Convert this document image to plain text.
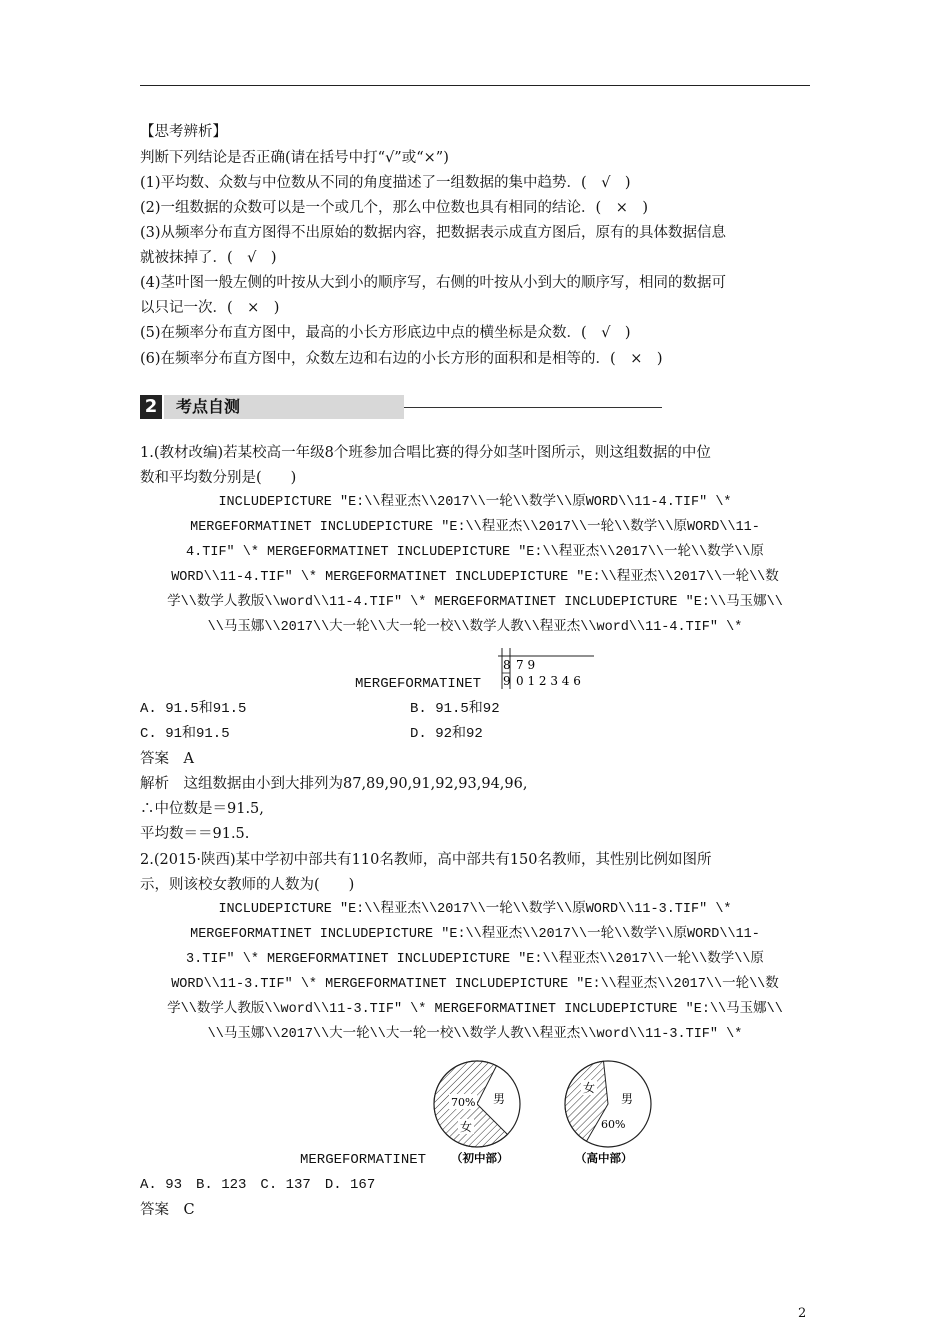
【思考辨析】
判断下列结论是否正确(请在括号中打“√”或“×”)
(1)平均数、众数与中位数从不同的角度描述了一组数据的集中趋势．(　√　)
(2)一组数据的众数可以是一个或几个，那么中位数也具有相同的结论．(　×　)
(3)从频率分布直方图得不出原始的数据内容，把数据表示成直方图后，原有的具体数据信息
就被抹掉了．(　√　)
(4)茎叶图一般左侧的叶按从大到小的顺序写，右侧的叶按从小到大的顺序写，相同的数据可
以只记一次．(　×　)
(5)在频率分布直方图中，最高的小长方形底边中点的横坐标是众数．(　√　)
(6)在频率分布直方图中，众数左边和右边的小长方形的面积和是相等的．(　×　)
2 考点自测
1.(教材改编)若某校高一年级8个班参加合唱比赛的得分如茎叶图所示，则这组数据的中位
数和平均数分别是(　　)
INCLUDEPICTURE "E:\\程亚杰\\2017\\一轮\\数学\\原WORD\\11-4.TIF" \*
MERGEFORMATINET INCLUDEPICTURE "E:\\程亚杰\\2017\\一轮\\数学\\原WORD\\11-
4.TIF" \* MERGEFORMATINET INCLUDEPICTURE "E:\\程亚杰\\2017\\一轮\\数学\\原
WORD\\11-4.TIF" \* MERGEFORMATINET INCLUDEPICTURE "E:\\程亚杰\\2017\\一轮\\数
学\\数学人教版\\word\\11-4.TIF" \* MERGEFORMATINET INCLUDEPICTURE "E:\\马玉娜\\
\\马玉娜\\2017\\大一轮\\大一轮一校\\数学人教\\程亚杰\\word\\11-4.TIF" \*
MERGEFORMATINET
8 7 9
9 0 1 2 3 4 6
A. 91.5和91.5	B. 91.5和92
C. 91和91.5	D. 92和92
答案　A
解析　这组数据由小到大排列为87,89,90,91,92,93,94,96,
∴中位数是＝91.5,
平均数＝＝91.5.
2.(2015·陕西)某中学初中部共有110名教师，高中部共有150名教师，其性别比例如图所
示，则该校女教师的人数为(　　)
INCLUDEPICTURE "E:\\程亚杰\\2017\\一轮\\数学\\原WORD\\11-3.TIF" \*
MERGEFORMATINET INCLUDEPICTURE "E:\\程亚杰\\2017\\一轮\\数学\\原WORD\\11-
3.TIF" \* MERGEFORMATINET INCLUDEPICTURE "E:\\程亚杰\\2017\\一轮\\数学\\原
WORD\\11-3.TIF" \* MERGEFORMATINET INCLUDEPICTURE "E:\\程亚杰\\2017\\一轮\\数
学\\数学人教版\\word\\11-3.TIF" \* MERGEFORMATINET INCLUDEPICTURE "E:\\马玉娜\\
\\马玉娜\\2017\\大一轮\\大一轮一校\\数学人教\\程亚杰\\word\\11-3.TIF" \*
MERGEFORMATINET
70%
女
男
（初中部）
女
男
60%
（高中部）
A. 93　B. 123　C. 137　D. 167
答案　C
2
